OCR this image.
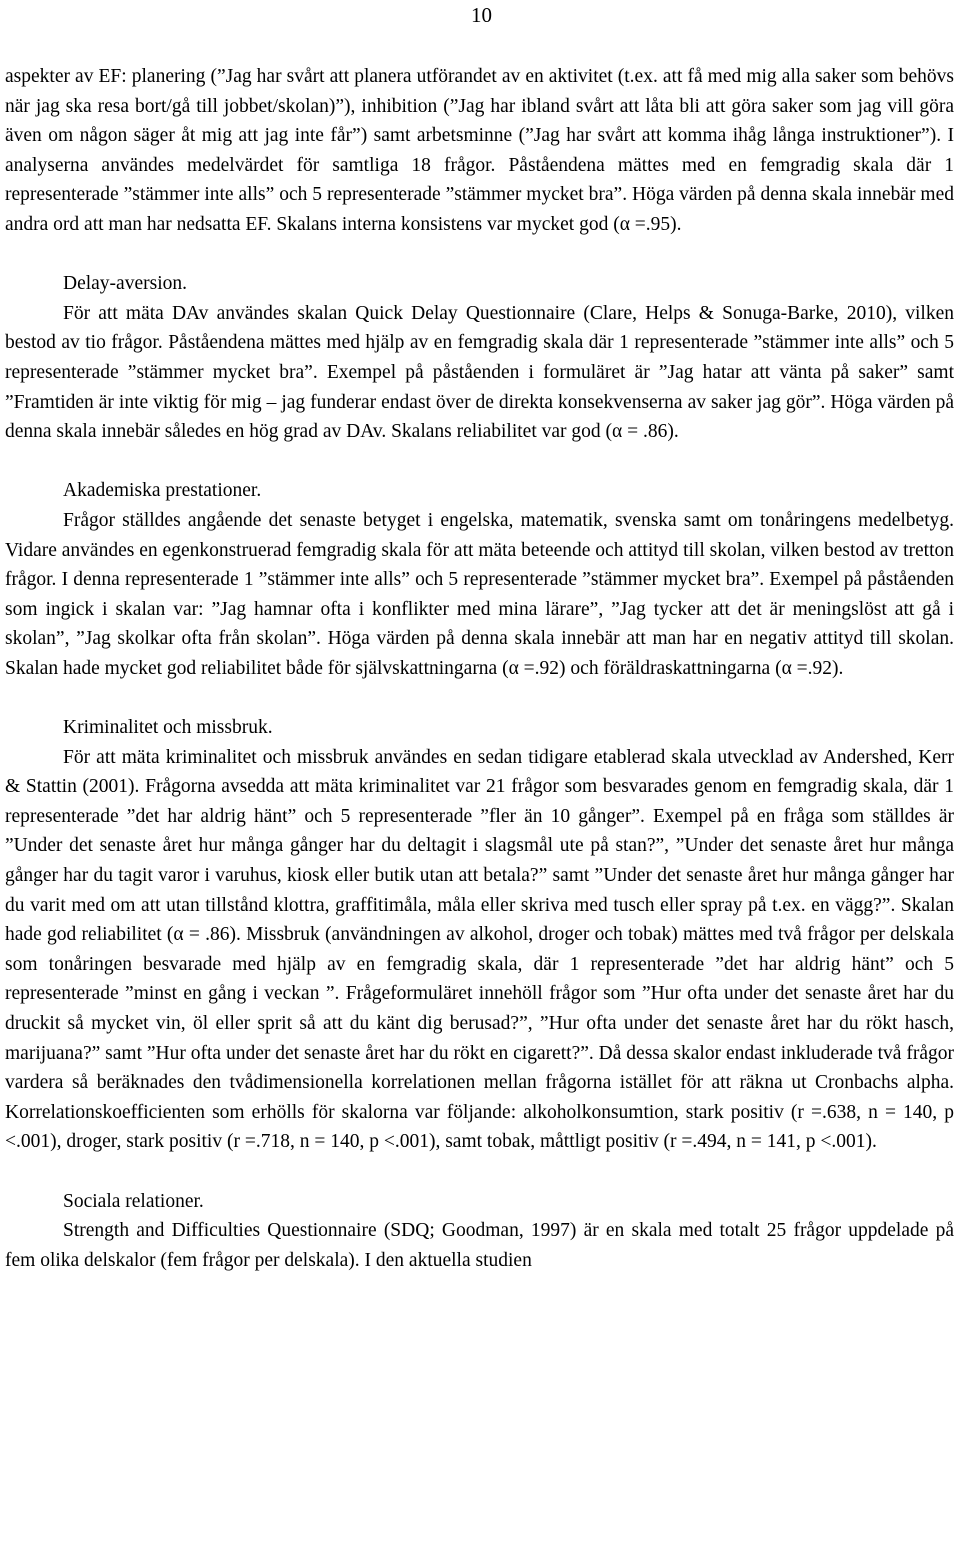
10

aspekter av EF: planering (”Jag har svårt att planera utförandet av en aktivitet (t.ex. att få med mig alla saker som behövs när jag ska resa bort/gå till jobbet/skolan)”), inhibition (”Jag har ibland svårt att låta bli att göra saker som jag vill göra även om någon säger åt mig att jag inte får”) samt arbetsminne (”Jag har svårt att komma ihåg långa instruktioner”). I analyserna användes medelvärdet för samtliga 18 frågor. Påståendena mättes med en femgradig skala där 1 representerade ”stämmer inte alls” och 5 representerade ”stämmer mycket bra”. Höga värden på denna skala innebär med andra ord att man har nedsatta EF. Skalans interna konsistens var mycket god (α =.95).

Delay-aversion.

För att mäta DAv användes skalan Quick Delay Questionnaire (Clare, Helps & Sonuga-Barke, 2010), vilken bestod av tio frågor. Påståendena mättes med hjälp av en femgradig skala där 1 representerade ”stämmer inte alls” och 5 representerade ”stämmer mycket bra”. Exempel på påståenden i formuläret är ”Jag hatar att vänta på saker” samt ”Framtiden är inte viktig för mig – jag funderar endast över de direkta konsekvenserna av saker jag gör”. Höga värden på denna skala innebär således en hög grad av DAv. Skalans reliabilitet var god (α = .86).

Akademiska prestationer.

Frågor ställdes angående det senaste betyget i engelska, matematik, svenska samt om tonåringens medelbetyg. Vidare användes en egenkonstruerad femgradig skala för att mäta beteende och attityd till skolan, vilken bestod av tretton frågor. I denna representerade 1 ”stämmer inte alls” och 5 representerade ”stämmer mycket bra”. Exempel på påståenden som ingick i skalan var: ”Jag hamnar ofta i konflikter med mina lärare”, ”Jag tycker att det är meningslöst att gå i skolan”, ”Jag skolkar ofta från skolan”. Höga värden på denna skala innebär att man har en negativ attityd till skolan. Skalan hade mycket god reliabilitet både för självskattningarna (α =.92) och föräldraskattningarna (α =.92).

Kriminalitet och missbruk.

För att mäta kriminalitet och missbruk användes en sedan tidigare etablerad skala utvecklad av Andershed, Kerr & Stattin (2001). Frågorna avsedda att mäta kriminalitet var 21 frågor som besvarades genom en femgradig skala, där 1 representerade ”det har aldrig hänt” och 5 representerade ”fler än 10 gånger”. Exempel på en fråga som ställdes är ”Under det senaste året hur många gånger har du deltagit i slagsmål ute på stan?”, ”Under det senaste året hur många gånger har du tagit varor i varuhus, kiosk eller butik utan att betala?” samt ”Under det senaste året hur många gånger har du varit med om att utan tillstånd klottra, graffitimåla, måla eller skriva med tusch eller spray på t.ex. en vägg?”. Skalan hade god reliabilitet (α = .86). Missbruk (användningen av alkohol, droger och tobak) mättes med två frågor per delskala som tonåringen besvarade med hjälp av en femgradig skala, där 1 representerade ”det har aldrig hänt” och 5 representerade ”minst en gång i veckan ”. Frågeformuläret innehöll frågor som ”Hur ofta under det senaste året har du druckit så mycket vin, öl eller sprit så att du känt dig berusad?”, ”Hur ofta under det senaste året har du rökt hasch, marijuana?” samt ”Hur ofta under det senaste året har du rökt en cigarett?”. Då dessa skalor endast inkluderade två frågor vardera så beräknades den tvådimensionella korrelationen mellan frågorna istället för att räkna ut Cronbachs alpha. Korrelationskoefficienten som erhölls för skalorna var följande: alkoholkonsumtion, stark positiv (r =.638, n = 140, p <.001), droger, stark positiv (r =.718, n = 140, p <.001), samt tobak, måttligt positiv (r =.494, n = 141, p <.001).

Sociala relationer.

Strength and Difficulties Questionnaire (SDQ; Goodman, 1997) är en skala med totalt 25 frågor uppdelade på fem olika delskalor (fem frågor per delskala). I den aktuella studien
